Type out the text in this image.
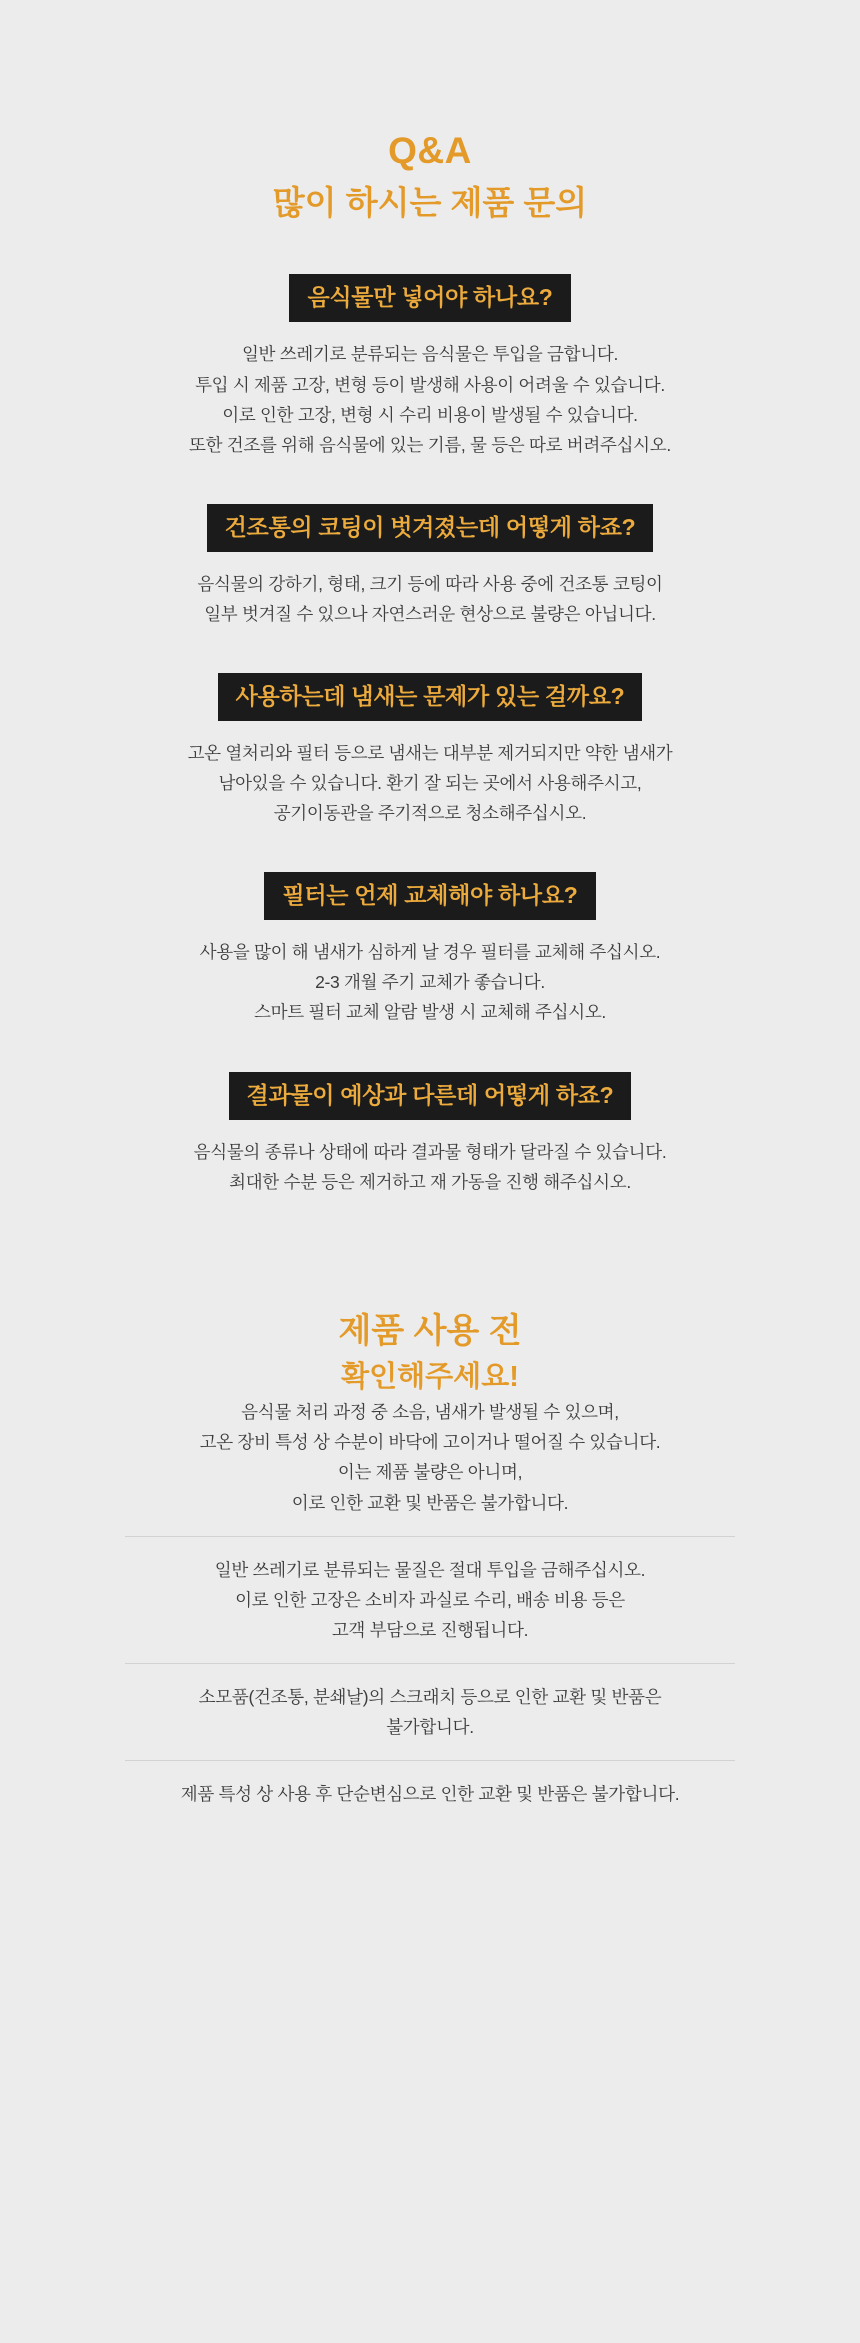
Q&A
많이 하시는 제품 문의
음식물만 넣어야 하나요?
일반 쓰레기로 분류되는 음식물은 투입을 금합니다.
투입 시 제품 고장, 변형 등이 발생해 사용이 어려울 수 있습니다.
이로 인한 고장, 변형 시 수리 비용이 발생될 수 있습니다.
또한 건조를 위해 음식물에 있는 기름, 물 등은 따로 버려주십시오.
건조통의 코팅이 벗겨졌는데 어떻게 하죠?
음식물의 강하기, 형태, 크기 등에 따라 사용 중에 건조통 코팅이
일부 벗겨질 수 있으나 자연스러운 현상으로 불량은 아닙니다.
사용하는데 냄새는 문제가 있는 걸까요?
고온 열처리와 필터 등으로 냄새는 대부분 제거되지만 약한 냄새가
남아있을 수 있습니다. 환기 잘 되는 곳에서 사용해주시고,
공기이동관을 주기적으로 청소해주십시오.
필터는 언제 교체해야 하나요?
사용을 많이 해 냄새가 심하게 날 경우 필터를 교체해 주십시오.
2-3 개월 주기 교체가 좋습니다.
스마트 필터 교체 알람 발생 시 교체해 주십시오.
결과물이 예상과 다른데 어떻게 하죠?
음식물의 종류나 상태에 따라 결과물 형태가 달라질 수 있습니다.
최대한 수분 등은 제거하고 재 가동을 진행 해주십시오.
제품 사용 전
확인해주세요!
음식물 처리 과정 중 소음, 냄새가 발생될 수 있으며,
고온 장비 특성 상 수분이 바닥에 고이거나 떨어질 수 있습니다.
이는 제품 불량은 아니며,
이로 인한 교환 및 반품은 불가합니다.
일반 쓰레기로 분류되는 물질은 절대 투입을 금해주십시오.
이로 인한 고장은 소비자 과실로 수리, 배송 비용 등은
고객 부담으로 진행됩니다.
소모품(건조통, 분쇄날)의 스크래치 등으로 인한 교환 및 반품은
불가합니다.
제품 특성 상 사용 후 단순변심으로 인한 교환 및 반품은 불가합니다.
